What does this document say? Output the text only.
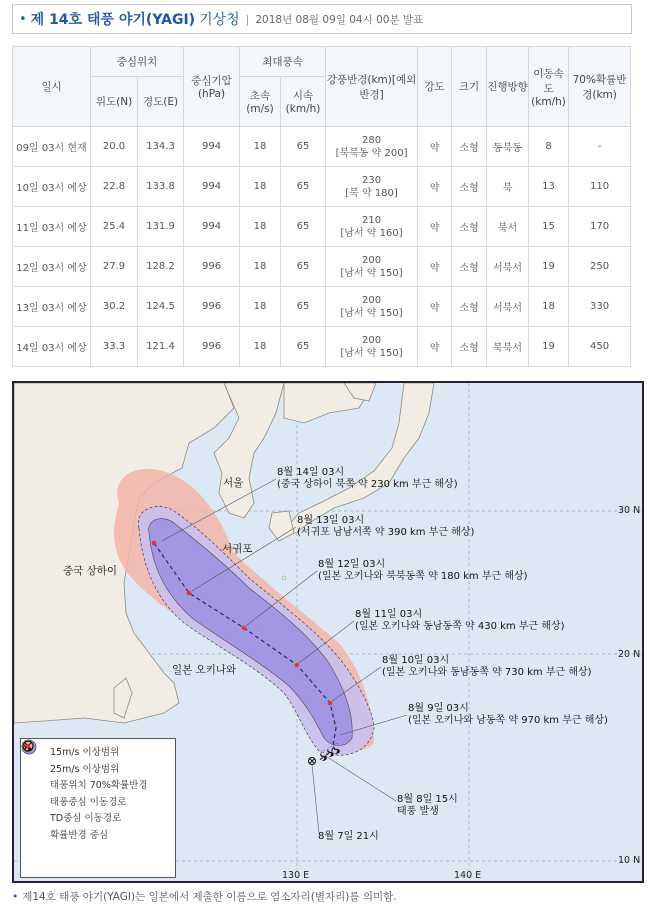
• 제 14호 태풍 야기(YAGI) 기상청 | 2018년 08월 09일 04시 00분 발표
일시	중심위치		중심기압(hPa)	최대풍속		강풍반경(km)[예외반경]	강도	크기	진행방향	이동속도(km/h)	70%확률반경(km)
	위도(N)	경도(E)		초속(m/s)	시속(km/h)						
09일 03시 현재	20.0	134.3	994	18	65	280
[북북동 약 200]	약	소형	동북동	8	-
10일 03시 예상	22.8	133.8	994	18	65	230
[북 약 180]	약	소형	북	13	110
11일 03시 예상	25.4	131.9	994	18	65	210
[남서 약 160]	약	소형	북서	15	170
12일 03시 예상	27.9	128.2	996	18	65	200
[남서 약 150]	약	소형	서북서	19	250
13일 03시 예상	30.2	124.5	996	18	65	200
[남서 약 150]	약	소형	서북서	18	330
14일 03시 예상	33.3	121.4	996	18	65	200
[남서 약 150]	약	소형	북북서	19	450
서울
서귀포
중국 상하이
일본 오키나와
30 N
20 N
10 N
130 E	140 E
8월 14일 03시
(중국 상하이 북쪽 약 230 km 부근 해상)
8월 13일 03시
(서귀포 남남서쪽 약 390 km 부근 해상)
8월 12일 03시
(일본 오키나와 북북동쪽 약 180 km 부근 해상)
8월 11일 03시
(일본 오키나와 동남동쪽 약 430 km 부근 해상)
8월 10일 03시
(일본 오키나와 동남동쪽 약 730 km 부근 해상)
8월 9일 03시
(일본 오키나와 남동쪽 약 970 km 부근 해상)
8월 8일 15시
태풍 발생
8월 7일 21시
15m/s 이상범위
25m/s 이상범위
태풍위치 70%확률반경
태풍중심 이동경로
TD중심 이동경로
확률반경 중심
• 제14호 태풍 야기(YAGI)는 일본에서 제출한 이름으로 염소자리(별자리)를 의미함.
